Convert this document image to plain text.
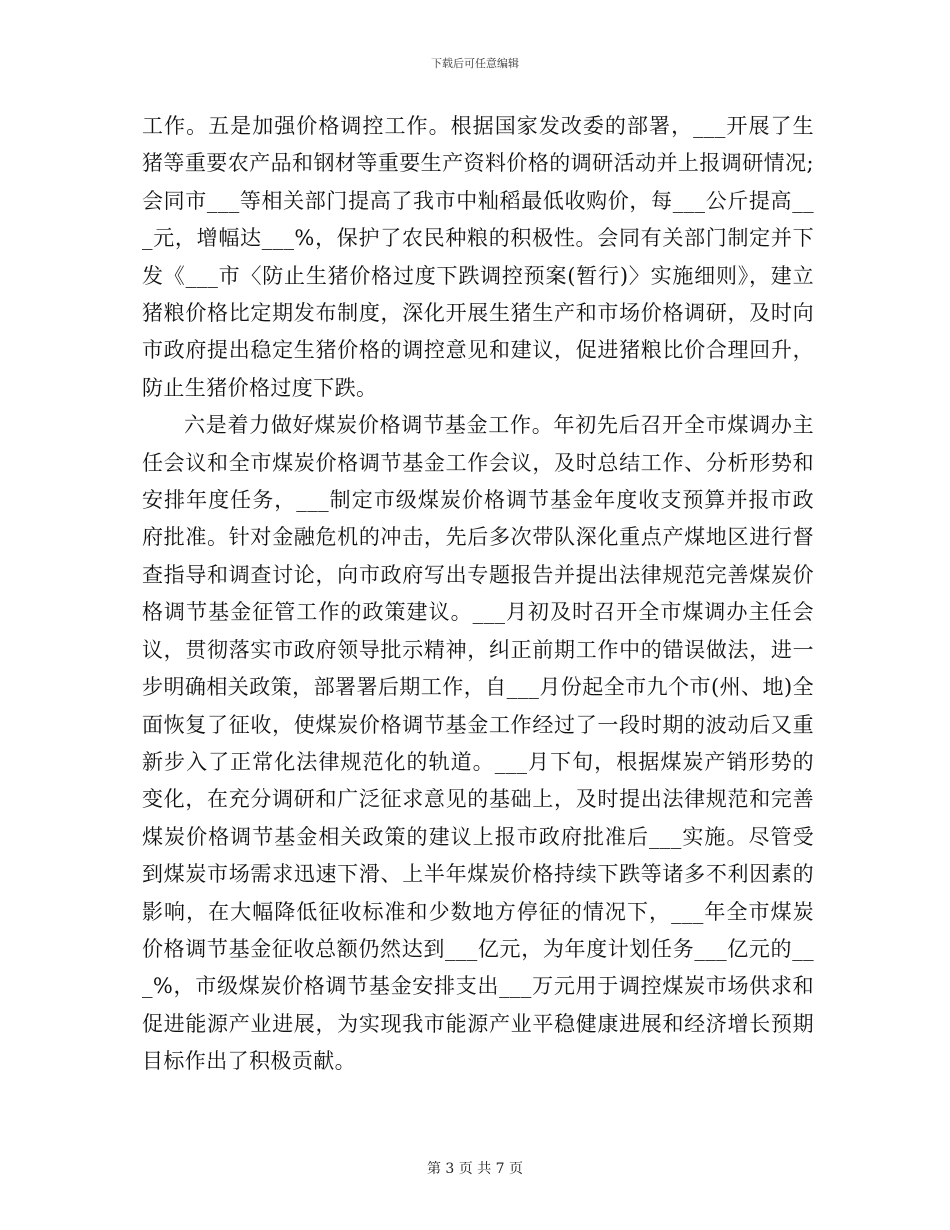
下载后可任意编辑

工作。五是加强价格调控工作。根据国家发改委的部署，___开展了生猪等重要农产品和钢材等重要生产资料价格的调研活动并上报调研情况;会同市___等相关部门提高了我市中籼稻最低收购价，每___公斤提高___元，增幅达___%，保护了农民种粮的积极性。会同有关部门制定并下发《___市〈防止生猪价格过度下跌调控预案(暂行)〉实施细则》，建立猪粮价格比定期发布制度，深化开展生猪生产和市场价格调研，及时向市政府提出稳定生猪价格的调控意见和建议，促进猪粮比价合理回升，防止生猪价格过度下跌。

六是着力做好煤炭价格调节基金工作。年初先后召开全市煤调办主任会议和全市煤炭价格调节基金工作会议，及时总结工作、分析形势和安排年度任务，___制定市级煤炭价格调节基金年度收支预算并报市政府批准。针对金融危机的冲击，先后多次带队深化重点产煤地区进行督查指导和调查讨论，向市政府写出专题报告并提出法律规范完善煤炭价格调节基金征管工作的政策建议。___月初及时召开全市煤调办主任会议，贯彻落实市政府领导批示精神，纠正前期工作中的错误做法，进一步明确相关政策，部署署后期工作，自___月份起全市九个市(州、地)全面恢复了征收，使煤炭价格调节基金工作经过了一段时期的波动后又重新步入了正常化法律规范化的轨道。___月下旬，根据煤炭产销形势的变化，在充分调研和广泛征求意见的基础上，及时提出法律规范和完善煤炭价格调节基金相关政策的建议上报市政府批准后___实施。尽管受到煤炭市场需求迅速下滑、上半年煤炭价格持续下跌等诸多不利因素的影响，在大幅降低征收标准和少数地方停征的情况下，___年全市煤炭价格调节基金征收总额仍然达到___亿元，为年度计划任务___亿元的___%，市级煤炭价格调节基金安排支出___万元用于调控煤炭市场供求和促进能源产业进展，为实现我市能源产业平稳健康进展和经济增长预期目标作出了积极贡献。

第 3 页 共 7 页
